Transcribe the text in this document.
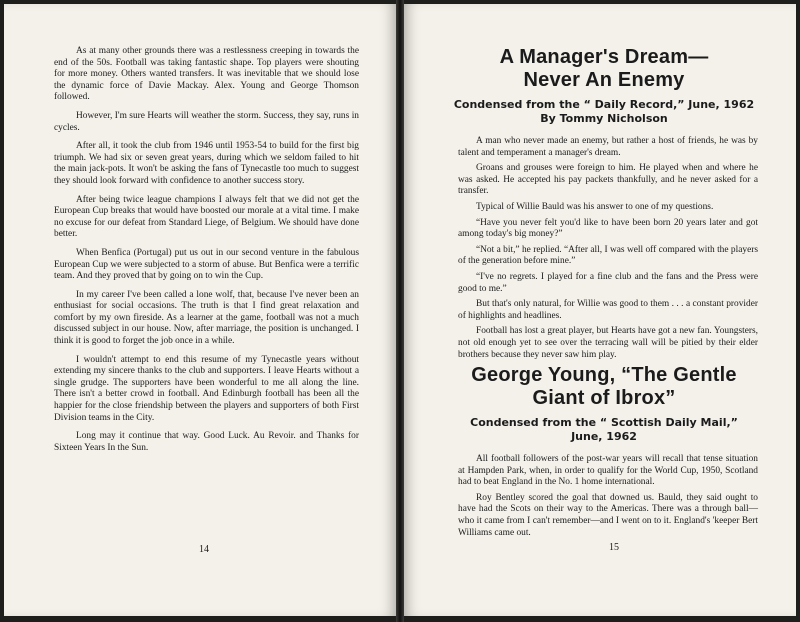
As at many other grounds there was a restlessness creeping in towards the end of the 50s. Football was taking fantastic shape. Top players were shouting for more money. Others wanted transfers. It was inevitable that we should lose the dynamic force of Davie Mackay. Alex. Young and George Thomson followed.

However, I'm sure Hearts will weather the storm. Success, they say, runs in cycles.

After all, it took the club from 1946 until 1953-54 to build for the first big triumph. We had six or seven great years, during which we seldom failed to hit the main jack-pots. It won't be asking the fans of Tynecastle too much to suggest they should look forward with confidence to another success story.

After being twice league champions I always felt that we did not get the European Cup breaks that would have boosted our morale at a vital time. I make no excuse for our defeat from Standard Liege, of Belgium. We should have done better.

When Benfica (Portugal) put us out in our second venture in the fabulous European Cup we were subjected to a storm of abuse. But Benfica were a terrific team. And they proved that by going on to win the Cup.

In my career I've been called a lone wolf, that, because I've never been an enthusiast for social occasions. The truth is that I find great relaxation and comfort by my own fireside. As a learner at the game, football was not a much discussed subject in our house. Now, after marriage, the position is unchanged. I think it is good to forget the job once in a while.

I wouldn't attempt to end this resume of my Tynecastle years without extending my sincere thanks to the club and supporters. I leave Hearts without a single grudge. The supporters have been wonderful to me all along the line. There isn't a better crowd in football. And Edinburgh football has been all the happier for the close friendship between the players and supporters of both First Division teams in the City.

Long may it continue that way. Good Luck. Au Revoir. and Thanks for Sixteen Years In the Sun.

14
A Manager's Dream—
Never An Enemy
Condensed from the “ Daily Record,” June, 1962
By Tommy Nicholson

A man who never made an enemy, but rather a host of friends, he was by talent and temperament a manager's dream.

Groans and grouses were foreign to him. He played when and where he was asked. He accepted his pay packets thankfully, and he never asked for a transfer.

Typical of Willie Bauld was his answer to one of my questions.

“Have you never felt you'd like to have been born 20 years later and got among today's big money?”

“Not a bit,” he replied. “After all, I was well off compared with the players of the generation before mine.”

“I've no regrets. I played for a fine club and the fans and the Press were good to me.”

But that's only natural, for Willie was good to them . . . a constant provider of highlights and headlines.

Football has lost a great player, but Hearts have got a new fan. Youngsters, not old enough yet to see over the terracing wall will be pitied by their elder brothers because they never saw him play.

George Young, “The Gentle
Giant of Ibrox”
Condensed from the “ Scottish Daily Mail,”
June, 1962

All football followers of the post-war years will recall that tense situation at Hampden Park, when, in order to qualify for the World Cup, 1950, Scotland had to beat England in the No. 1 home international.

Roy Bentley scored the goal that downed us. Bauld, they said ought to have had the Scots on their way to the Americas. There was a through ball—who it came from I can't remember—and I went on to it. England's 'keeper Bert Williams came out.

15
